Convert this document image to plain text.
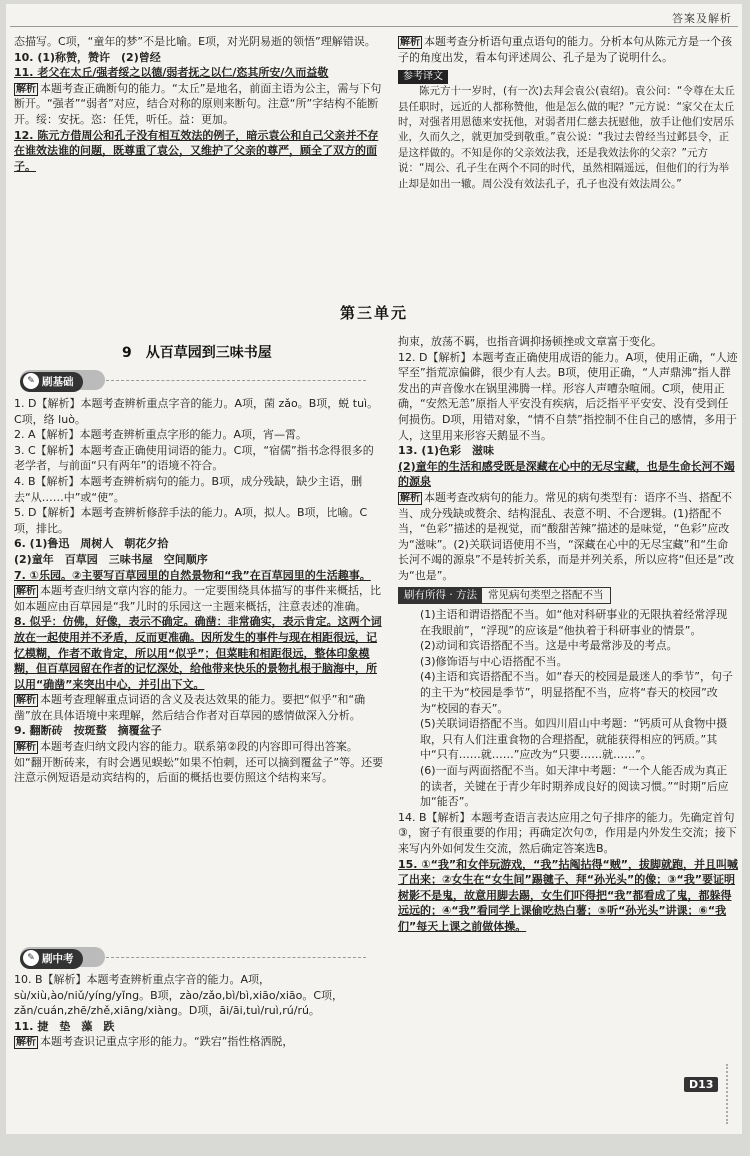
答案及解析

态描写。C项，“童年的梦”不是比喻。E项，对光阴易逝的领悟”理解错误。

10. (1)称赞，赞许　(2)曾经

11. 老父在太丘/强者绥之以德/弱者抚之以仁/恣其所安/久而益敬

解析 本题考查正确断句的能力。“太丘”是地名，前面主语为公主，需与下句断开。“强者”“弱者”对应，结合对称的原则来断句。注意“所”字结构不能断开。绥：安抚。恣：任凭，听任。益：更加。

12. 陈元方借周公和孔子没有相互效法的例子，暗示袁公和自己父亲并不存在谁效法谁的问题，既尊重了袁公，又维护了父亲的尊严，顾全了双方的面子。

解析 本题考查分析语句重点语句的能力。分析本句从陈元方是一个孩子的角度出发，看本句评述周公、孔子是为了说明什么。

参考译文

陈元方十一岁时，(有一次)去拜会袁公(袁绍)。袁公问：“令尊在太丘县任职时，远近的人都称赞他，他是怎么做的呢？”元方说：“家父在太丘时，对强者用恩德来安抚他，对弱者用仁慈去抚慰他，放手让他们安居乐业，久而久之，就更加受到敬重。”袁公说：“我过去曾经当过邺县令，正是这样做的。不知是你的父亲效法我，还是我效法你的父亲？”元方说：“周公、孔子生在两个不同的时代，虽然相隔遥远，但他们的行为举止却是如出一辙。周公没有效法孔子，孔子也没有效法周公。”

第三单元
9　从百草园到三味书屋
刷基础
✎

1. D【解析】本题考查辨析重点字音的能力。A项，菌 zǎo。B项，蜕 tuì。C项，络 luò。

2. A【解析】本题考查辨析重点字形的能力。A项，宵—霄。

3. C【解析】本题考查正确使用词语的能力。C项，“宿儒”指书念得很多的老学者，与前面“只有两年”的语境不符合。

4. B【解析】本题考查辨析病句的能力。B项，成分残缺，缺少主语，删去“从……中”或“使”。

5. D【解析】本题考查辨析修辞手法的能力。A项，拟人。B项，比喻。C项，排比。

6. (1)鲁迅　周树人　朝花夕拾

(2)童年　百草园　三味书屋　空间顺序

7. ①乐园。②主要写百草园里的自然景物和“我”在百草园里的生活趣事。

解析 本题考查归纳文章内容的能力。一定要围绕具体描写的事件来概括，比如本题应由百草园是“我”儿时的乐园这一主题来概括，注意表述的准确。

8. 似乎：仿佛，好像，表示不确定。确凿：非常确实，表示肯定。这两个词放在一起使用并不矛盾，反而更准确。因所发生的事件与现在相距很远，记忆模糊，作者不敢肯定，所以用“似乎”；但菜畦和相距很远，整体印象模糊，但百草园留在作者的记忆深处，给他带来快乐的景物扎根于脑海中，所以用“确凿”来突出中心，并引出下文。

解析 本题考查理解重点词语的含义及表达效果的能力。要把“似乎”和“确凿”放在具体语境中来理解，然后结合作者对百草园的感情做深入分析。

9. 翻断砖　按斑蝥　摘覆盆子

解析 本题考查归纳文段内容的能力。联系第②段的内容即可得出答案。如“翻开断砖来，有时会遇见蜈蚣”如果不怕刺，还可以摘到覆盆子”等。还要注意示例短语是动宾结构的，后面的概括也要仿照这个结构来写。

刷中考
✎

10. B【解析】本题考查辨析重点字音的能力。A项，sù/xiù,ào/niǔ/yíng/yǐng。B项，zào/zǎo,bì/bì,xiāo/xiāo。C项，zǎn/cuán,zhē/zhě,xiāng/xiàng。D项，āi/āi,tuì/ruì,rú/rú。

11. 捷　垫　藻　跌

解析 本题考查识记重点字形的能力。“跌宕”指性格洒脱，

拘束，放荡不羁，也指音调抑扬顿挫或文章富于变化。

12. D【解析】本题考查正确使用成语的能力。A项，使用正确，“人迹罕至”指荒凉偏僻，很少有人去。B项，使用正确，“人声鼎沸”指人群发出的声音像水在锅里沸腾一样。形容人声嘈杂喧闹。C项，使用正确，“安然无恙”原指人平安没有疾病，后泛指平平安安、没有受到任何损伤。D项，用错对象，“情不自禁”指控制不住自己的感情，多用于人，这里用来形容天鹅显不当。

13. (1)色彩　滋味

(2)童年的生活和感受既是深藏在心中的无尽宝藏，也是生命长河不竭的源泉

解析 本题考查改病句的能力。常见的病句类型有：语序不当、搭配不当、成分残缺或赘余、结构混乱、表意不明、不合逻辑。(1)搭配不当，“色彩”描述的是视觉，而“酸甜苦辣”描述的是味觉，“色彩”应改为“滋味”。(2)关联词语使用不当，“深藏在心中的无尽宝藏”和“生命长河不竭的源泉”不是转折关系，而是并列关系，所以应将“但还是”改为“也是”。

刷有所得 · 方法 常见病句类型之搭配不当

(1)主语和谓语搭配不当。如“他对科研事业的无限执着经常浮现在我眼前”，“浮现”的应该是“他执着于科研事业的情景”。

(2)动词和宾语搭配不当。这是中考最常涉及的考点。

(3)修饰语与中心语搭配不当。

(4)主语和宾语搭配不当。如“春天的校园是最迷人的季节”，句子的主干为“校园是季节”，明显搭配不当，应将“春天的校园”改为“校园的春天”。

(5)关联词语搭配不当。如四川眉山中考题：“钙质可从食物中摄取，只有人们注重食物的合理搭配，就能获得相应的钙质。”其中“只有……就……”应改为“只要……就……”。

(6)一面与两面搭配不当。如天津中考题：“一个人能否成为真正的读者，关键在于青少年时期养成良好的阅读习惯。”“时期”后应加“能否”。

14. B【解析】本题考查语言表达应用之句子排序的能力。先确定首句③，窗子有很重要的作用；再确定次句⑦，作用是内外发生交流；接下来写内外如何发生交流，然后确定答案选B。

15. ①“我”和女伴玩游戏，“我”拈阄拈得“贼”，拔脚就跑，并且叫喊了出来；②女生在“女生间”踢毽子、拜“孙光头”的像；③“我”要证明树影不是鬼，故意用脚去踢，女生们吓得把“我”都看成了鬼，都躲得远远的；④“我”看同学上课偷吃热白薯；⑤听“孙光头”讲课；⑥“我们”每天上课之前做体操。

D13
